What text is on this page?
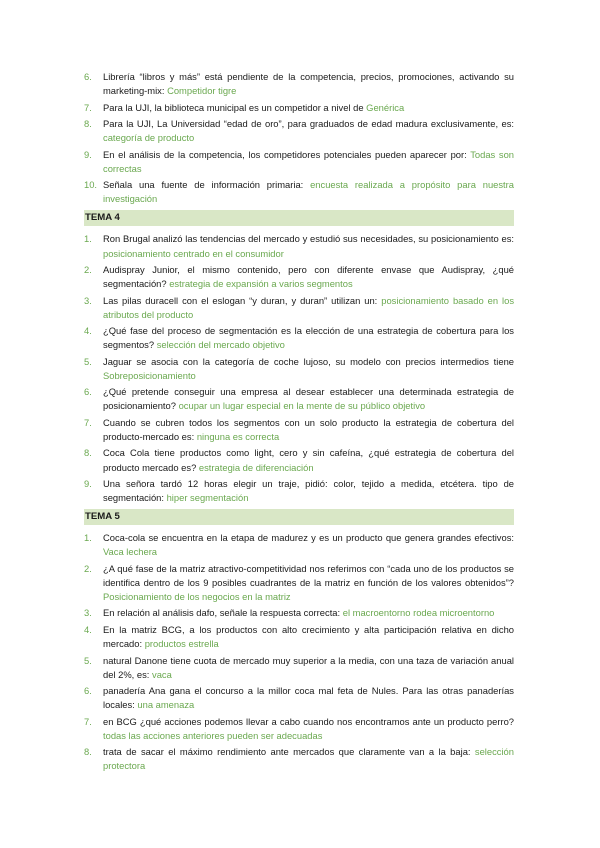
6. Librería “libros y más” está pendiente de la competencia, precios, promociones, activando su marketing-mix: Competidor tigre
7. Para la UJI, la biblioteca municipal es un competidor a nivel de Genérica
8. Para la UJI, La Universidad “edad de oro”, para graduados de edad madura exclusivamente, es: categoría de producto
9. En el análisis de la competencia, los competidores potenciales pueden aparecer por: Todas son correctas
10. Señala una fuente de información primaria: encuesta realizada a propósito para nuestra investigación
TEMA 4
1. Ron Brugal analizó las tendencias del mercado y estudió sus necesidades, su posicionamiento es: posicionamiento centrado en el consumidor
2. Audispray Junior, el mismo contenido, pero con diferente envase que Audispray, ¿qué segmentación? estrategia de expansión a varios segmentos
3. Las pilas duracell con el eslogan “y duran, y duran” utilizan un: posicionamiento basado en los atributos del producto
4. ¿Qué fase del proceso de segmentación es la elección de una estrategia de cobertura para los segmentos? selección del mercado objetivo
5. Jaguar se asocia con la categoría de coche lujoso, su modelo con precios intermedios tiene Sobreposicionamiento
6. ¿Qué pretende conseguir una empresa al desear establecer una determinada estrategia de posicionamiento? ocupar un lugar especial en la mente de su público objetivo
7. Cuando se cubren todos los segmentos con un solo producto la estrategia de cobertura del producto-mercado es: ninguna es correcta
8. Coca Cola tiene productos como light, cero y sin cafeína, ¿qué estrategia de cobertura del producto mercado es? estrategia de diferenciación
9. Una señora tardó 12 horas elegir un traje, pidió: color, tejido a medida, etcétera. tipo de segmentación: hiper segmentación
TEMA 5
1. Coca-cola se encuentra en la etapa de madurez y es un producto que genera grandes efectivos: Vaca lechera
2. ¿A qué fase de la matriz atractivo-competitividad nos referimos con “cada uno de los productos se identifica dentro de los 9 posibles cuadrantes de la matriz en función de los valores obtenidos”? Posicionamiento de los negocios en la matriz
3. En relación al análisis dafo, señale la respuesta correcta: el macroentorno rodea microentorno
4. En la matriz BCG, a los productos con alto crecimiento y alta participación relativa en dicho mercado: productos estrella
5. natural Danone tiene cuota de mercado muy superior a la media, con una taza de variación anual del 2%, es: vaca
6. panadería Ana gana el concurso a la millor coca mal feta de Nules. Para las otras panaderías locales: una amenaza
7. en BCG ¿qué acciones podemos llevar a cabo cuando nos encontramos ante un producto perro? todas las acciones anteriores pueden ser adecuadas
8. trata de sacar el máximo rendimiento ante mercados que claramente van a la baja: selección protectora
